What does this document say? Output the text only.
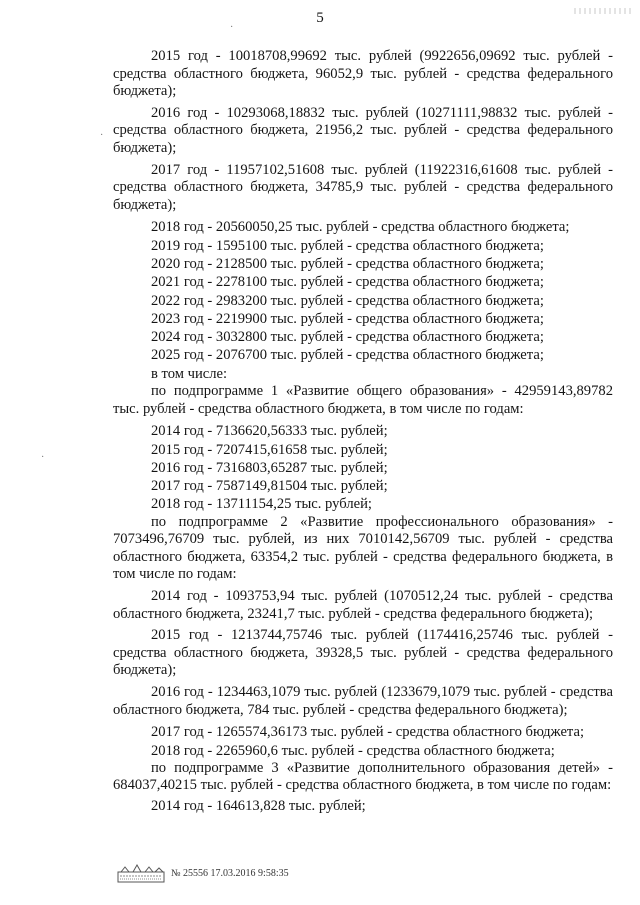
·
·
·
5

2015 год - 10018708,99692 тыс. рублей (9922656,09692 тыс. рублей - средства областного бюджета, 96052,9 тыс. рублей - средства федерального бюджета);

2016 год - 10293068,18832 тыс. рублей (10271111,98832 тыс. рублей - средства областного бюджета, 21956,2 тыс. рублей - средства федерального бюджета);

2017 год - 11957102,51608 тыс. рублей (11922316,61608 тыс. рублей - средства областного бюджета, 34785,9 тыс. рублей - средства федерального бюджета);

2018 год - 20560050,25 тыс. рублей - средства областного бюджета;

2019 год - 1595100 тыс. рублей - средства областного бюджета;

2020 год - 2128500 тыс. рублей - средства областного бюджета;

2021 год - 2278100 тыс. рублей - средства областного бюджета;

2022 год - 2983200 тыс. рублей - средства областного бюджета;

2023 год - 2219900 тыс. рублей - средства областного бюджета;

2024 год - 3032800 тыс. рублей - средства областного бюджета;

2025 год - 2076700 тыс. рублей - средства областного бюджета;

в том числе:

по подпрограмме 1 «Развитие общего образования» - 42959143,89782 тыс. рублей - средства областного бюджета, в том числе по годам:

2014 год - 7136620,56333 тыс. рублей;

2015 год - 7207415,61658 тыс. рублей;

2016 год - 7316803,65287 тыс. рублей;

2017 год - 7587149,81504 тыс. рублей;

2018 год - 13711154,25 тыс. рублей;

по подпрограмме 2 «Развитие профессионального образования» - 7073496,76709 тыс. рублей, из них 7010142,56709 тыс. рублей - средства областного бюджета, 63354,2 тыс. рублей - средства федерального бюджета, в том числе по годам:

2014 год - 1093753,94 тыс. рублей (1070512,24 тыс. рублей - средства областного бюджета, 23241,7 тыс. рублей - средства федерального бюджета);

2015 год - 1213744,75746 тыс. рублей (1174416,25746 тыс. рублей - средства областного бюджета, 39328,5 тыс. рублей - средства федерального бюджета);

2016 год - 1234463,1079 тыс. рублей (1233679,1079 тыс. рублей - средства областного бюджета, 784 тыс. рублей - средства федерального бюджета);

2017 год - 1265574,36173 тыс. рублей - средства областного бюджета;

2018 год - 2265960,6 тыс. рублей - средства областного бюджета;

по подпрограмме 3 «Развитие дополнительного образования детей» - 684037,40215 тыс. рублей - средства областного бюджета, в том числе по годам:

2014 год - 164613,828 тыс. рублей;

№ 25556 17.03.2016 9:58:35
